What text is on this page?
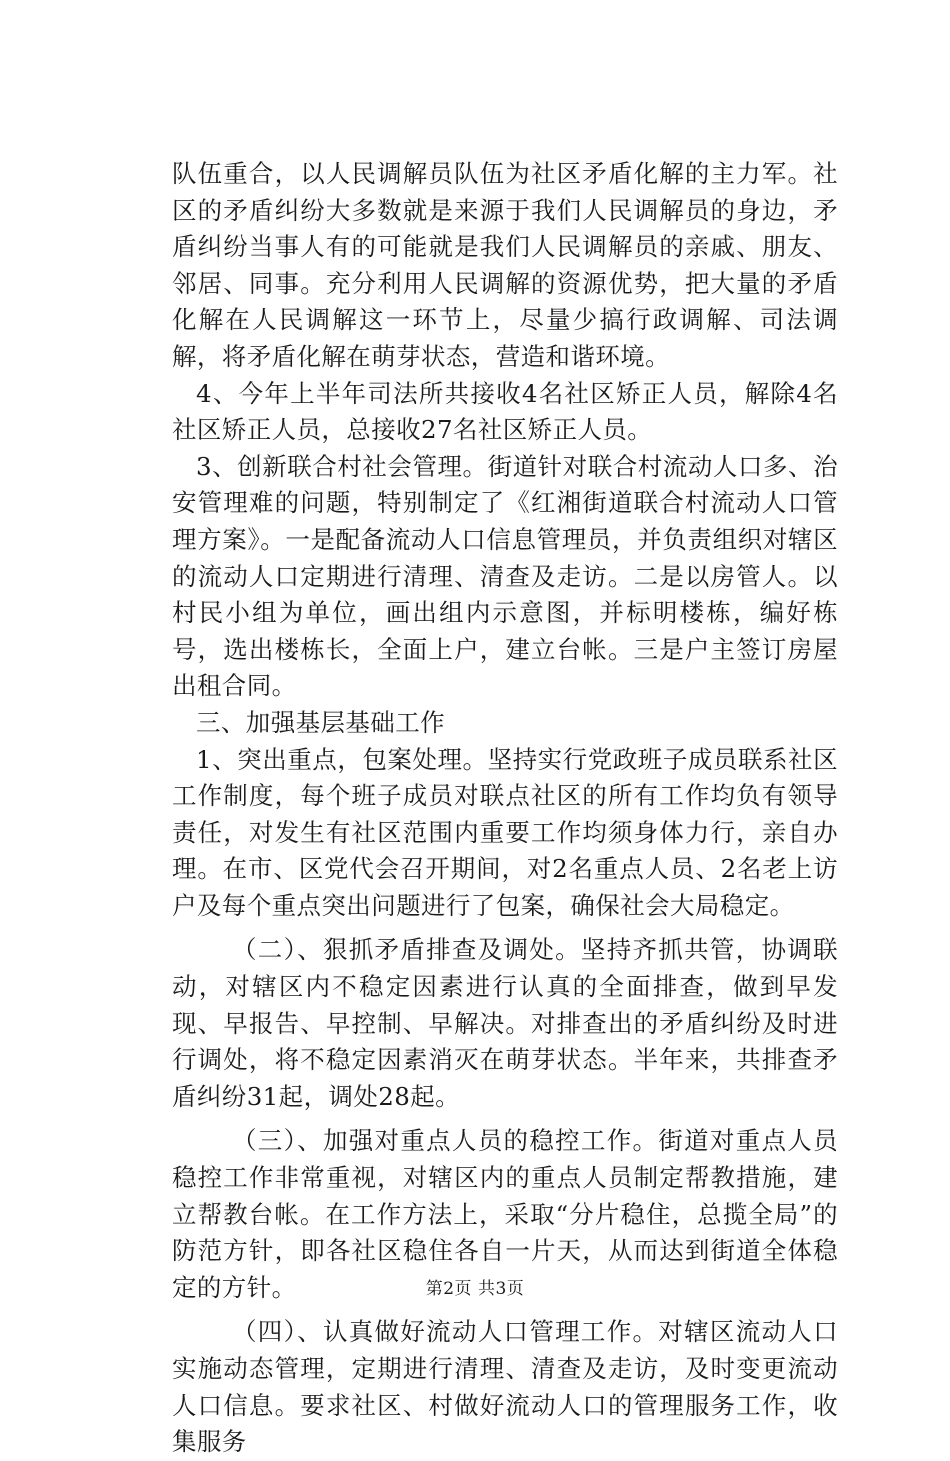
队伍重合，以人民调解员队伍为社区矛盾化解的主力军。社区的矛盾纠纷大多数就是来源于我们人民调解员的身边，矛盾纠纷当事人有的可能就是我们人民调解员的亲戚、朋友、邻居、同事。充分利用人民调解的资源优势，把大量的矛盾化解在人民调解这一环节上，尽量少搞行政调解、司法调解，将矛盾化解在萌芽状态，营造和谐环境。

4、今年上半年司法所共接收4名社区矫正人员，解除4名社区矫正人员，总接收27名社区矫正人员。

3、创新联合村社会管理。街道针对联合村流动人口多、治安管理难的问题，特别制定了《红湘街道联合村流动人口管理方案》。一是配备流动人口信息管理员，并负责组织对辖区的流动人口定期进行清理、清查及走访。二是以房管人。以村民小组为单位，画出组内示意图，并标明楼栋，编好栋号，选出楼栋长，全面上户，建立台帐。三是户主签订房屋出租合同。

三、加强基层基础工作

1、突出重点，包案处理。坚持实行党政班子成员联系社区工作制度，每个班子成员对联点社区的所有工作均负有领导责任，对发生有社区范围内重要工作均须身体力行，亲自办理。在市、区党代会召开期间，对2名重点人员、2名老上访户及每个重点突出问题进行了包案，确保社会大局稳定。

（二）、狠抓矛盾排查及调处。坚持齐抓共管，协调联动，对辖区内不稳定因素进行认真的全面排查，做到早发现、早报告、早控制、早解决。对排查出的矛盾纠纷及时进行调处，将不稳定因素消灭在萌芽状态。半年来，共排查矛盾纠纷31起，调处28起。

（三）、加强对重点人员的稳控工作。街道对重点人员稳控工作非常重视，对辖区内的重点人员制定帮教措施，建立帮教台帐。在工作方法上，采取“分片稳住，总揽全局”的防范方针，即各社区稳住各自一片天，从而达到街道全体稳定的方针。

（四）、认真做好流动人口管理工作。对辖区流动人口实施动态管理，定期进行清理、清查及走访，及时变更流动人口信息。要求社区、村做好流动人口的管理服务工作，收集服务

第2页 共3页
